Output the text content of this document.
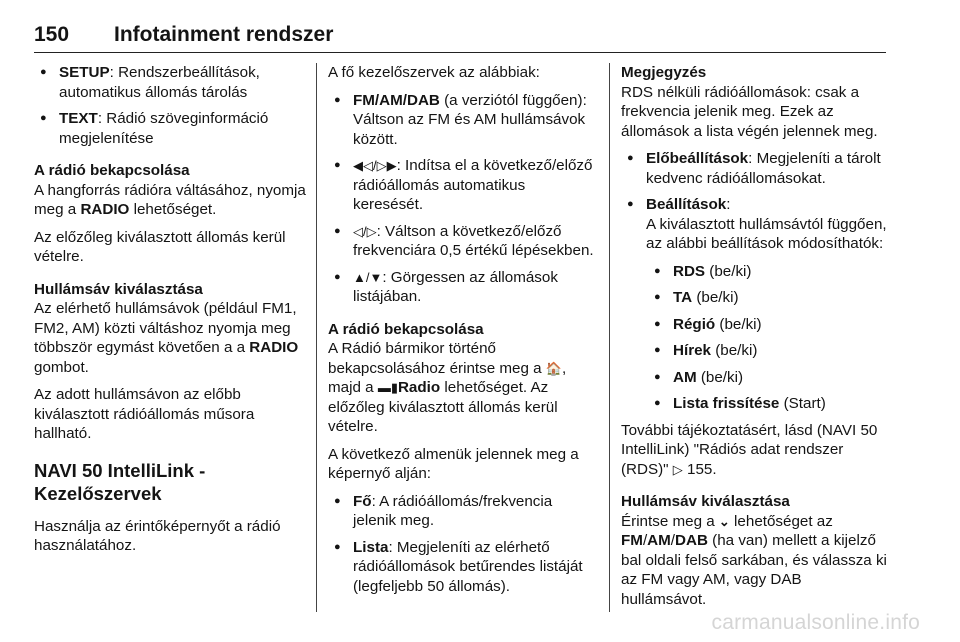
150 Infotainment rendszer
● SETUP: Rendszerbeállítások, automatikus állomás tárolás
● TEXT: Rádió szöveginformáció megjelenítése
A rádió bekapcsolása

A hangforrás rádióra váltásához, nyomja meg a RADIO lehetőséget.

Az előzőleg kiválasztott állomás kerül vételre.

Hullámsáv kiválasztása

Az elérhető hullámsávok (például FM1, FM2, AM) közti váltáshoz nyomja meg többször egymást követően a a RADIO gombot.

Az adott hullámsávon az előbb kiválasztott rádióállomás műsora hallható.

NAVI 50 IntelliLink - Kezelőszervek

Használja az érintőképernyőt a rádió használatához.

A fő kezelőszervek az alábbiak:

● FM/AM/DAB (a verziótól függően): Váltson az FM és AM hullámsávok között.
● ◀◁/▷▶: Indítsa el a következő/előző rádióállomás automatikus keresését.
● ◁/▷: Váltson a következő/előző frekvenciára 0,5 értékű lépésekben.
● ▲/▼: Görgessen az állomások listájában.
A rádió bekapcsolása

A Rádió bármikor történő bekapcsolásához érintse meg a 🏠, majd a ▬▮Radio lehetőséget. Az előzőleg kiválasztott állomás kerül vételre.

A következő almenük jelennek meg a képernyő alján:

● Fő: A rádióállomás/frekvencia jelenik meg.
● Lista: Megjeleníti az elérhető rádióállomások betűrendes listáját (legfeljebb 50 állomás).
Megjegyzés

RDS nélküli rádióállomások: csak a frekvencia jelenik meg. Ezek az állomások a lista végén jelennek meg.

● Előbeállítások: Megjeleníti a tárolt kedvenc rádióállomásokat.
● Beállítások:

A kiválasztott hullámsávtól függően, az alábbi beállítások módosíthatók:

● RDS (be/ki)
● TA (be/ki)
● Régió (be/ki)
● Hírek (be/ki)
● AM (be/ki)
● Lista frissítése (Start)

További tájékoztatásért, lásd (NAVI 50 IntelliLink) "Rádiós adat rendszer (RDS)" ▷ 155.

Hullámsáv kiválasztása

Érintse meg a ⌄ lehetőséget az FM/AM/DAB (ha van) mellett a kijelző bal oldali felső sarkában, és válassza ki az FM vagy AM, vagy DAB hullámsávot.

carmanualsonline.info
